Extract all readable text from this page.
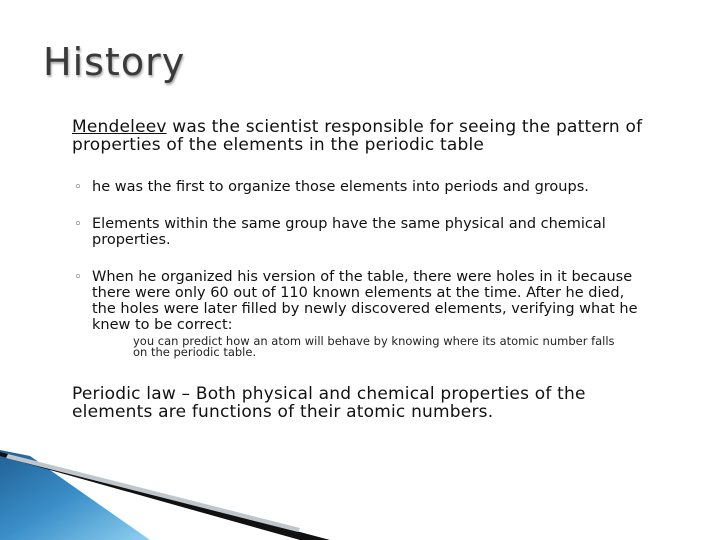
History
Mendeleev was the scientist responsible for seeing the pattern of
properties of the elements in the periodic table
◦ he was the first to organize those elements into periods and groups.
◦ Elements within the same group have the same physical and chemical
properties.
◦ When he organized his version of the table, there were holes in it because
there were only 60 out of 110 known elements at the time. After he died,
the holes were later filled by newly discovered elements, verifying what he
knew to be correct:
you can predict how an atom will behave by knowing where its atomic number falls
on the periodic table.
Periodic law – Both physical and chemical properties of the
elements are functions of their atomic numbers.
